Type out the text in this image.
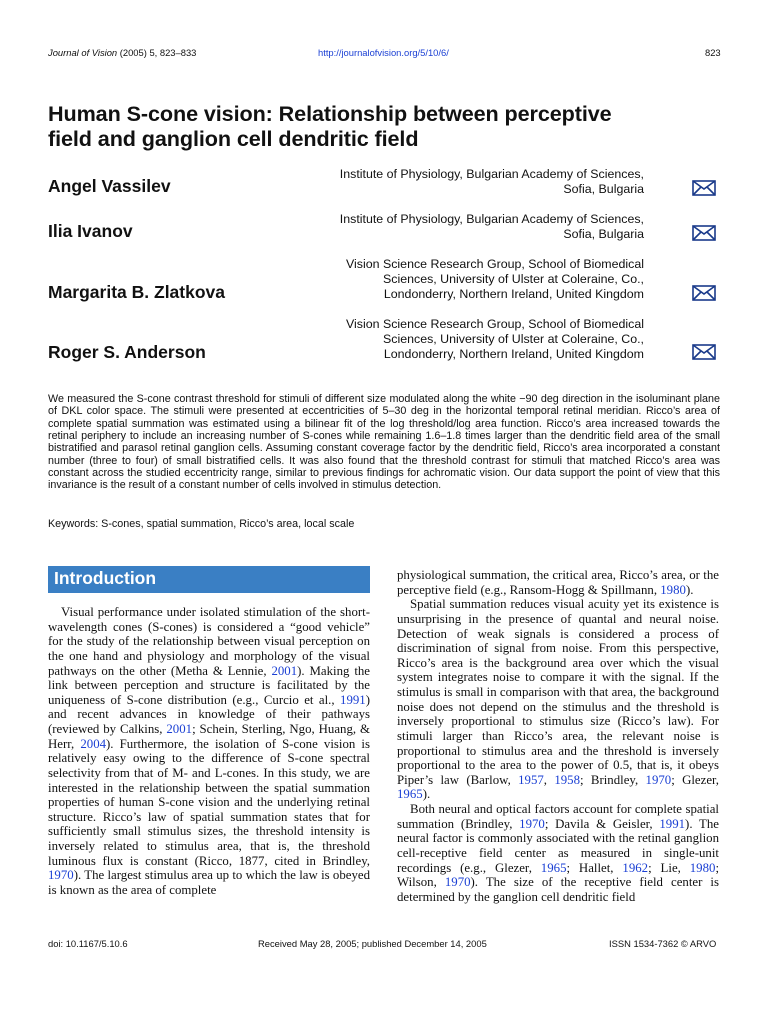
Journal of Vision (2005) 5, 823–833	http://journalofvision.org/5/10/6/	823
Human S-cone vision: Relationship between perceptive
field and ganglion cell dendritic field
Angel Vassilev
Institute of Physiology, Bulgarian Academy of Sciences,
Sofia, Bulgaria
Ilia Ivanov
Institute of Physiology, Bulgarian Academy of Sciences,
Sofia, Bulgaria
Margarita B. Zlatkova
Vision Science Research Group, School of Biomedical
Sciences, University of Ulster at Coleraine, Co.,
Londonderry, Northern Ireland, United Kingdom
Roger S. Anderson
Vision Science Research Group, School of Biomedical
Sciences, University of Ulster at Coleraine, Co.,
Londonderry, Northern Ireland, United Kingdom
We measured the S-cone contrast threshold for stimuli of different size modulated along the white −90 deg direction in the isoluminant plane of DKL color space. The stimuli were presented at eccentricities of 5–30 deg in the horizontal temporal retinal meridian. Ricco’s area of complete spatial summation was estimated using a bilinear fit of the log threshold/log area function. Ricco’s area increased towards the retinal periphery to include an increasing number of S-cones while remaining 1.6–1.8 times larger than the dendritic field area of the small bistratified and parasol retinal ganglion cells. Assuming constant coverage factor by the dendritic field, Ricco’s area incorporated a constant number (three to four) of small bistratified cells. It was also found that the threshold contrast for stimuli that matched Ricco’s area was constant across the studied eccentricity range, similar to previous findings for achromatic vision. Our data support the point of view that this invariance is the result of a constant number of cells involved in stimulus detection.
Keywords: S-cones, spatial summation, Ricco’s area, local scale
Introduction

Visual performance under isolated stimulation of the short-wavelength cones (S-cones) is considered a “good vehicle” for the study of the relationship between visual perception on the one hand and physiology and morphology of the visual pathways on the other (Metha & Lennie, 2001). Making the link between perception and structure is facilitated by the uniqueness of S-cone distribution (e.g., Curcio et al., 1991) and recent advances in knowledge of their pathways (reviewed by Calkins, 2001; Schein, Sterling, Ngo, Huang, & Herr, 2004). Furthermore, the isolation of S-cone vision is relatively easy owing to the difference of S-cone spectral selectivity from that of M- and L-cones. In this study, we are interested in the relationship between the spatial summation properties of human S-cone vision and the underlying retinal structure. Ricco’s law of spatial summation states that for sufficiently small stimulus sizes, the threshold intensity is inversely related to stimulus area, that is, the threshold luminous flux is constant (Ricco, 1877, cited in Brindley, 1970). The largest stimulus area up to which the law is obeyed is known as the area of complete

physiological summation, the critical area, Ricco’s area, or the perceptive field (e.g., Ransom-Hogg & Spillmann, 1980).

Spatial summation reduces visual acuity yet its existence is unsurprising in the presence of quantal and neural noise. Detection of weak signals is considered a process of discrimination of signal from noise. From this perspective, Ricco’s area is the background area over which the visual system integrates noise to compare it with the signal. If the stimulus is small in comparison with that area, the background noise does not depend on the stimulus and the threshold is inversely proportional to stimulus size (Ricco’s law). For stimuli larger than Ricco’s area, the relevant noise is proportional to stimulus area and the threshold is inversely proportional to the area to the power of 0.5, that is, it obeys Piper’s law (Barlow, 1957, 1958; Brindley, 1970; Glezer, 1965).

Both neural and optical factors account for complete spatial summation (Brindley, 1970; Davila & Geisler, 1991). The neural factor is commonly associated with the retinal ganglion cell-receptive field center as measured in single-unit recordings (e.g., Glezer, 1965; Hallet, 1962; Lie, 1980; Wilson, 1970). The size of the receptive field center is determined by the ganglion cell dendritic field

doi: 10.1167/5.10.6	Received May 28, 2005; published December 14, 2005	ISSN 1534-7362 © ARVO
